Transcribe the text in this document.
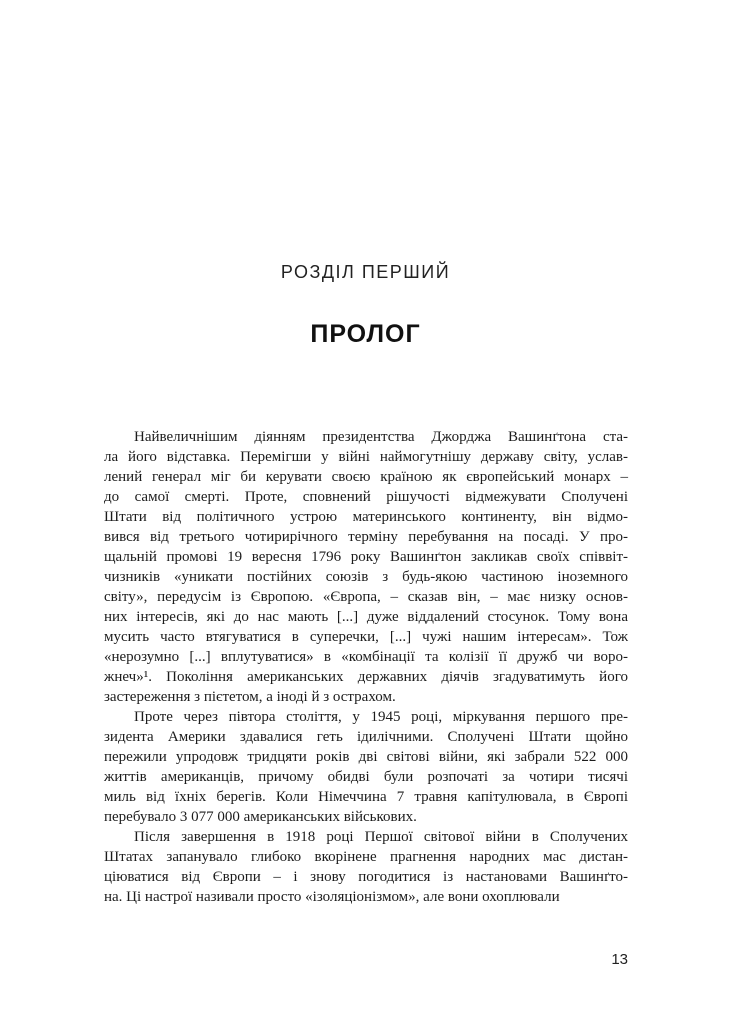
РОЗДІЛ ПЕРШИЙ
ПРОЛОГ
Найвеличнішим діянням президентства Джорджа Вашинґтона ста-
ла його відставка. Перемігши у війні наймогутнішу державу світу, услав-
лений генерал міг би керувати своєю країною як європейський монарх –
до самої смерті. Проте, сповнений рішучості відмежувати Сполучені
Штати від політичного устрою материнського континенту, він відмо-
вився від третього чотирирічного терміну перебування на посаді. У про-
щальній промові 19 вересня 1796 року Вашинґтон закликав своїх співвіт-
чизників «уникати постійних союзів з будь-якою частиною іноземного
світу», передусім із Європою. «Європа, – сказав він, – має низку основ-
них інтересів, які до нас мають [...] дуже віддалений стосунок. Тому вона
мусить часто втягуватися в суперечки, [...] чужі нашим інтересам». Тож
«нерозумно [...] вплутуватися» в «комбінації та колізії її дружб чи воро-
жнеч»¹. Покоління американських державних діячів згадуватимуть його
застереження з пієтетом, а іноді й з острахом.
Проте через півтора століття, у 1945 році, міркування першого пре-
зидента Америки здавалися геть ідилічними. Сполучені Штати щойно
пережили упродовж тридцяти років дві світові війни, які забрали 522 000
життів американців, причому обидві були розпочаті за чотири тисячі
миль від їхніх берегів. Коли Німеччина 7 травня капітулювала, в Європі
перебувало 3 077 000 американських військових.
Після завершення в 1918 році Першої світової війни в Сполучених
Штатах запанувало глибоко вкорінене прагнення народних мас дистан-
ціюватися від Європи – і знову погодитися із настановами Вашинґто-
на. Ці настрої називали просто «ізоляціонізмом», але вони охоплювали
13
